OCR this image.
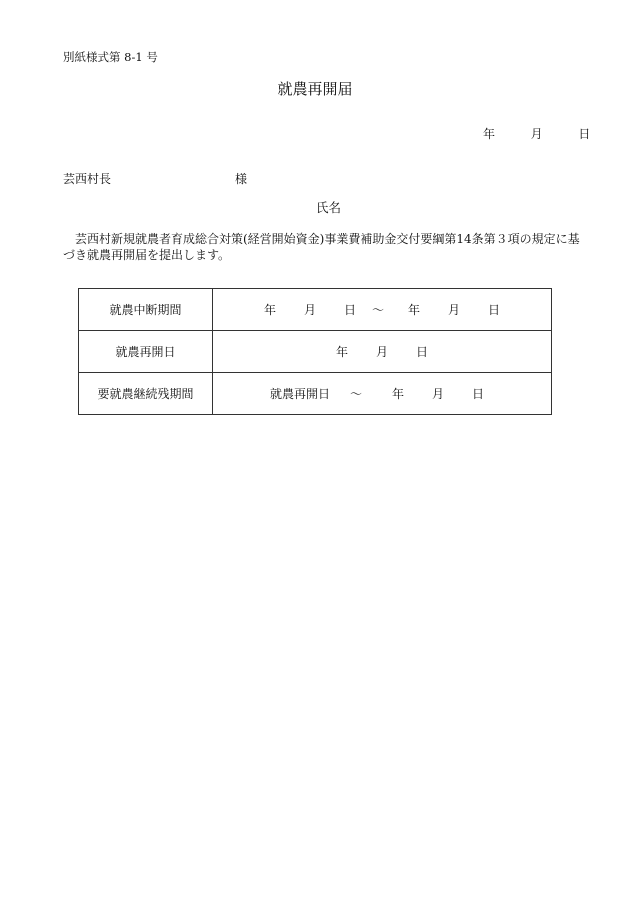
別紙様式第 8-1 号
就農再開届
年	月	日
芸西村長	様
氏名
芸西村新規就農者育成総合対策(経営開始資金)事業費補助金交付要綱第14条第３項の規定に基
づき就農再開届を提出します。
就農中断期間	年 月 日 ～ 年 月 日
就農再開日	年 月 日
要就農継続残期間	就農再開日 ～ 年 月 日
